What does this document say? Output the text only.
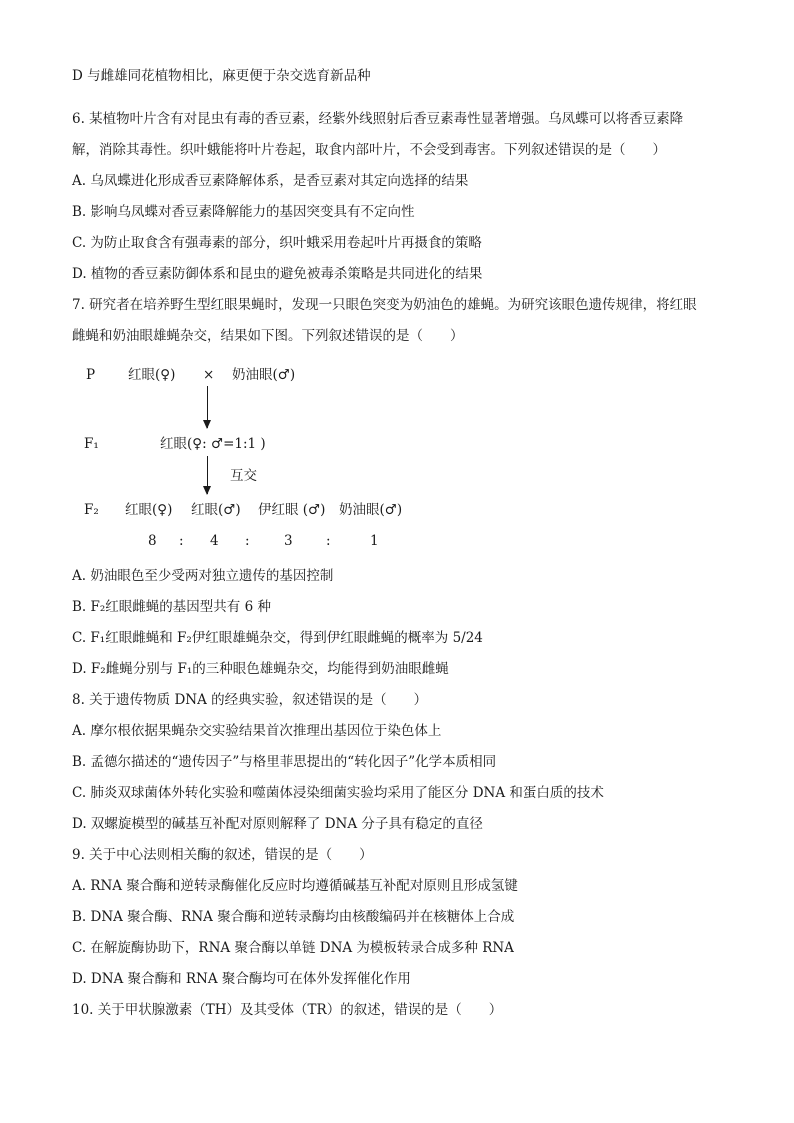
D 与雌雄同花植物相比，麻更便于杂交选育新品种
6. 某植物叶片含有对昆虫有毒的香豆素，经紫外线照射后香豆素毒性显著增强。乌凤蝶可以将香豆素降
解，消除其毒性。织叶蛾能将叶片卷起，取食内部叶片，不会受到毒害。下列叙述错误的是（　　）
A. 乌凤蝶进化形成香豆素降解体系，是香豆素对其定向选择的结果
B. 影响乌凤蝶对香豆素降解能力的基因突变具有不定向性
C. 为防止取食含有强毒素的部分，织叶蛾采用卷起叶片再摄食的策略
D. 植物的香豆素防御体系和昆虫的避免被毒杀策略是共同进化的结果
7. 研究者在培养野生型红眼果蝇时，发现一只眼色突变为奶油色的雄蝇。为研究该眼色遗传规律，将红眼
雌蝇和奶油眼雄蝇杂交，结果如下图。下列叙述错误的是（　　）
P 红眼(♀) × 奶油眼(♂)
F₁	红眼(♀: ♂=1:1 )
互交
F₂ 红眼(♀) 红眼(♂) 伊红眼 (♂) 奶油眼(♂)
8 : 4 :	3 :	1
A. 奶油眼色至少受两对独立遗传的基因控制
B. F₂红眼雌蝇的基因型共有 6 种
C. F₁红眼雌蝇和 F₂伊红眼雄蝇杂交，得到伊红眼雌蝇的概率为 5/24
D. F₂雌蝇分别与 F₁的三种眼色雄蝇杂交，均能得到奶油眼雌蝇
8. 关于遗传物质 DNA 的经典实验，叙述错误的是（　　）
A. 摩尔根依据果蝇杂交实验结果首次推理出基因位于染色体上
B. 孟德尔描述的“遗传因子”与格里菲思提出的“转化因子”化学本质相同
C. 肺炎双球菌体外转化实验和噬菌体浸染细菌实验均采用了能区分 DNA 和蛋白质的技术
D. 双螺旋模型的碱基互补配对原则解释了 DNA 分子具有稳定的直径
9. 关于中心法则相关酶的叙述，错误的是（　　）
A. RNA 聚合酶和逆转录酶催化反应时均遵循碱基互补配对原则且形成氢键
B. DNA 聚合酶、RNA 聚合酶和逆转录酶均由核酸编码并在核糖体上合成
C. 在解旋酶协助下，RNA 聚合酶以单链 DNA 为模板转录合成多种 RNA
D. DNA 聚合酶和 RNA 聚合酶均可在体外发挥催化作用
10. 关于甲状腺激素（TH）及其受体（TR）的叙述，错误的是（　　）
